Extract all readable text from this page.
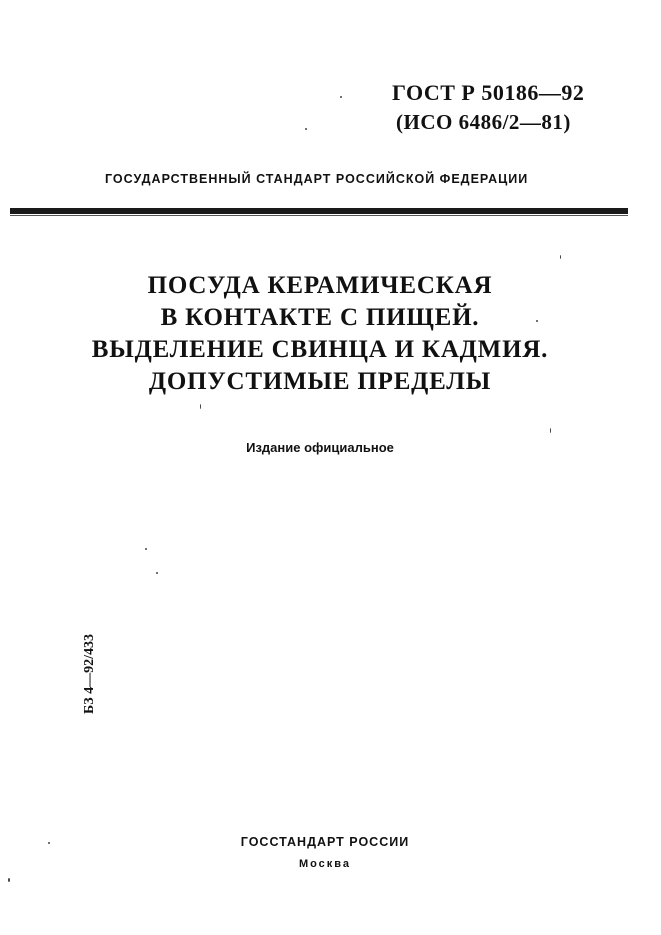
ГОСТ Р 50186—92
(ИСО 6486/2—81)
ГОСУДАРСТВЕННЫЙ СТАНДАРТ РОССИЙСКОЙ ФЕДЕРАЦИИ
ПОСУДА КЕРАМИЧЕСКАЯ
В КОНТАКТЕ С ПИЩЕЙ.
ВЫДЕЛЕНИЕ СВИНЦА И КАДМИЯ.
ДОПУСТИМЫЕ ПРЕДЕЛЫ
Издание официальное
БЗ 4—92/433
ГОССТАНДАРТ РОССИИ
Москва
